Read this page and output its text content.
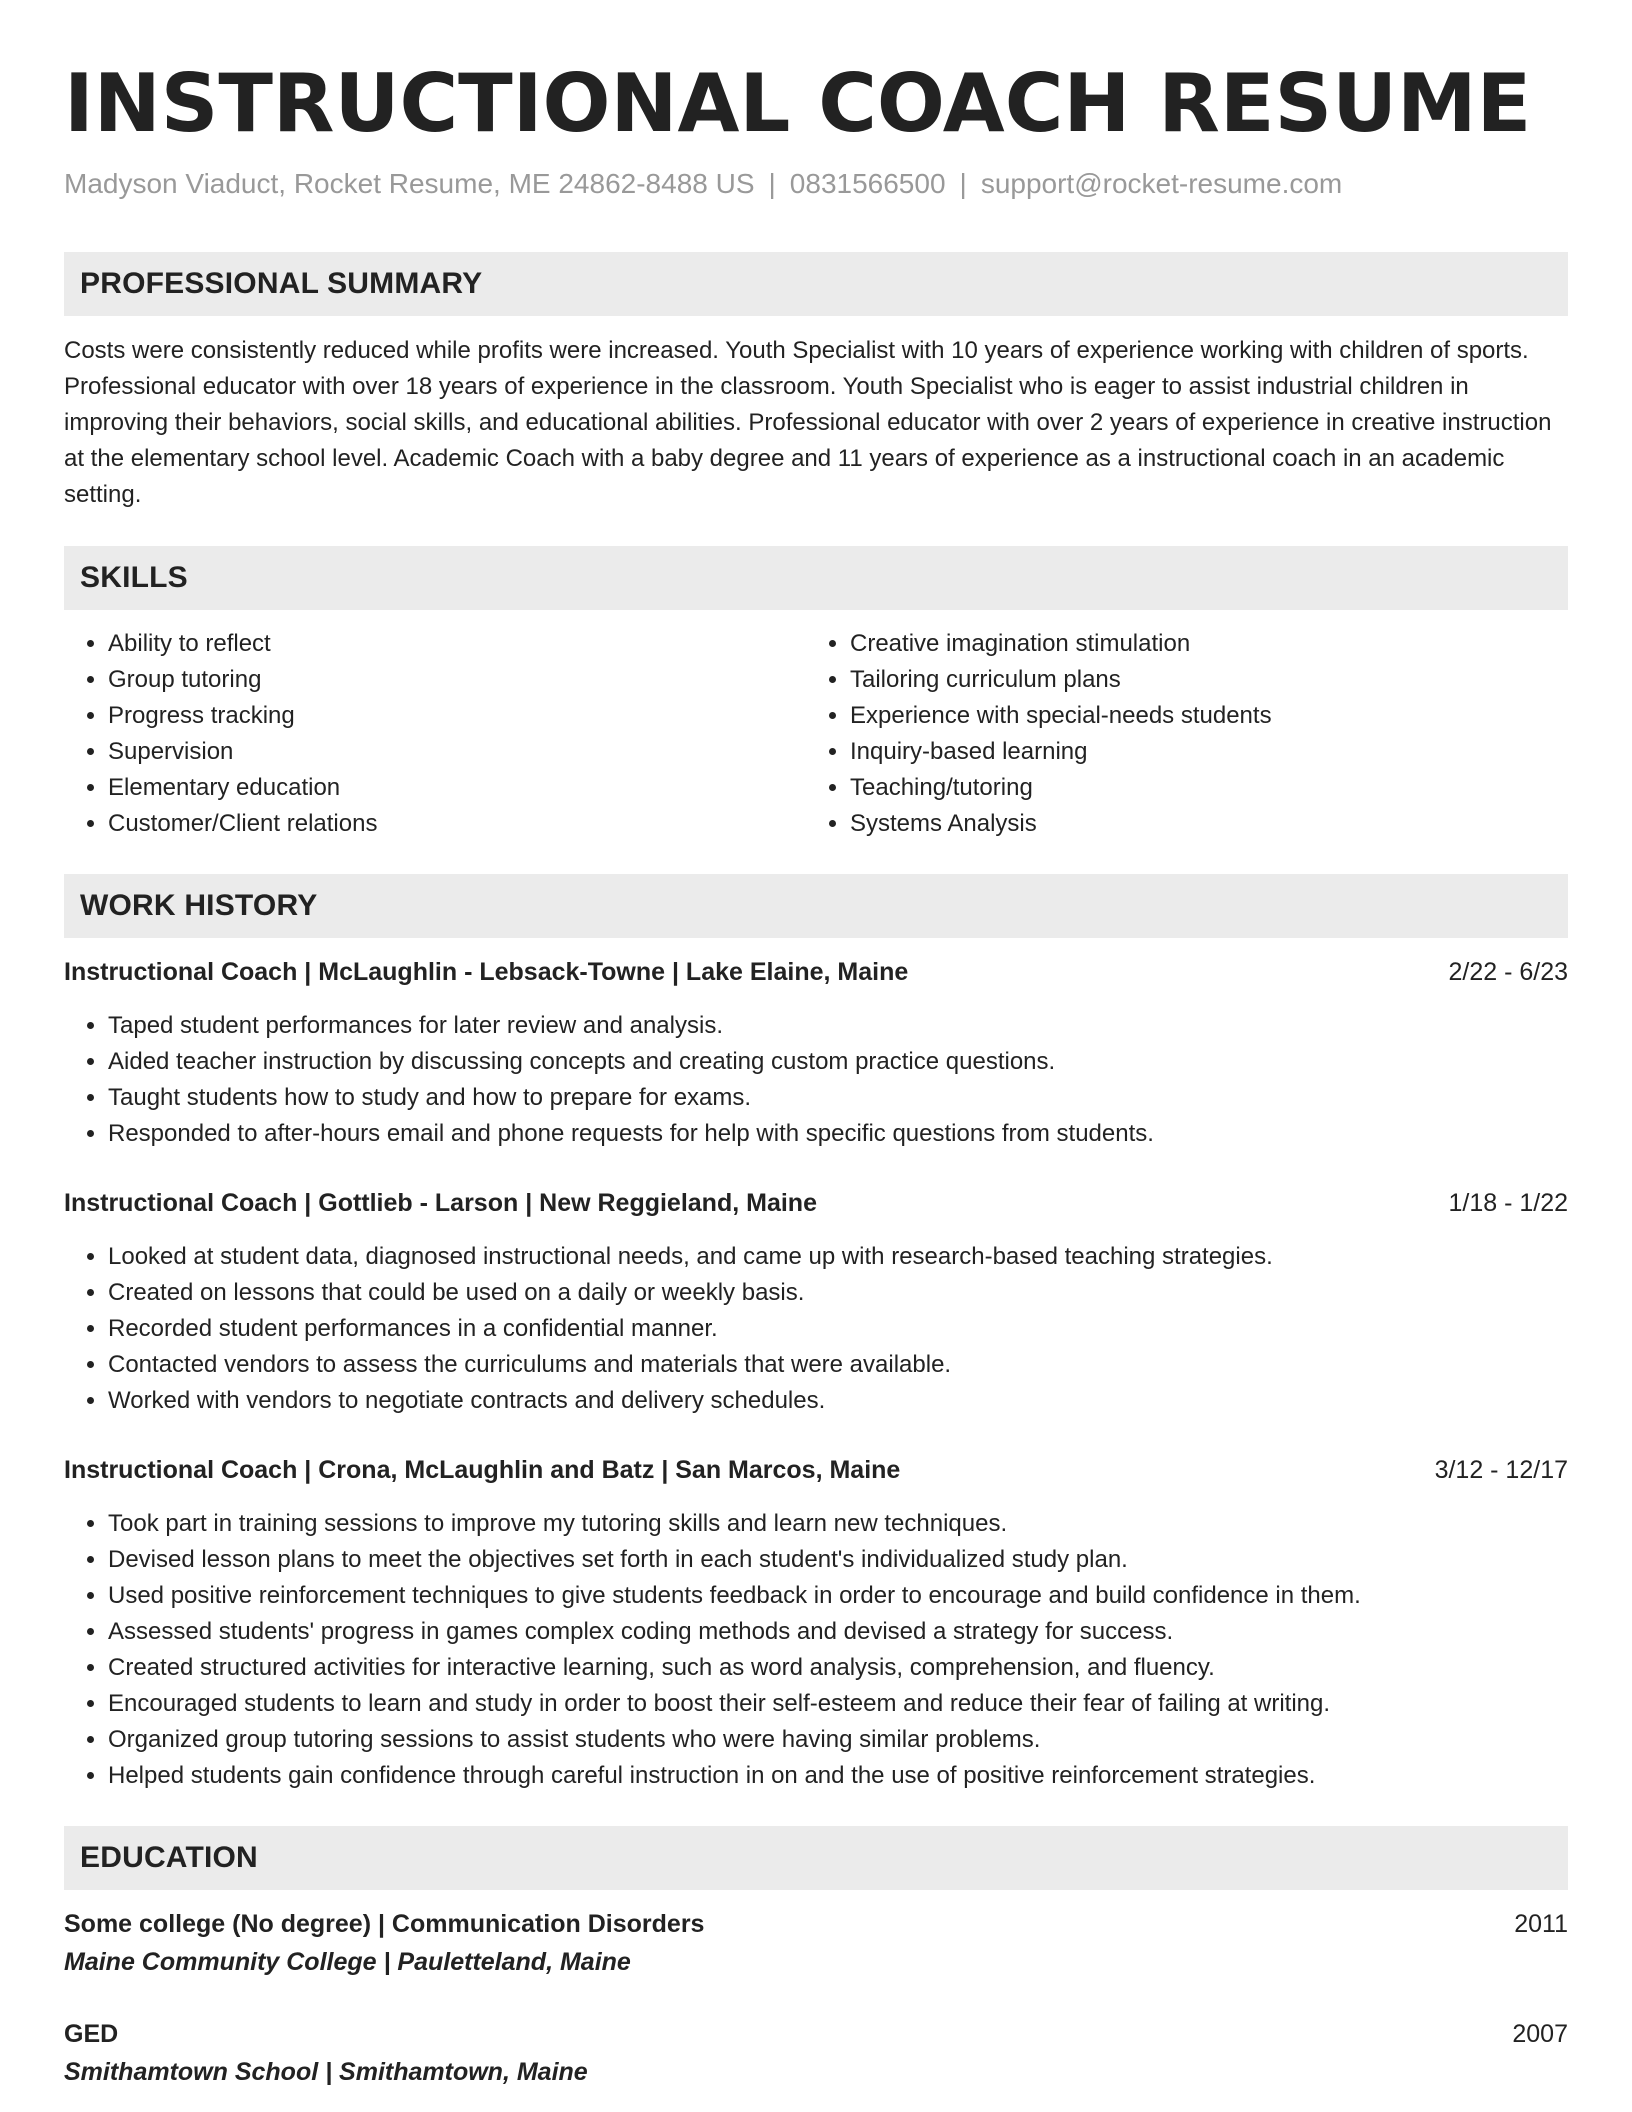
INSTRUCTIONAL COACH RESUME
Madyson Viaduct, Rocket Resume, ME 24862-8488 US | 0831566500 | support@rocket-resume.com
PROFESSIONAL SUMMARY

Costs were consistently reduced while profits were increased. Youth Specialist with 10 years of experience working with children of sports. Professional educator with over 18 years of experience in the classroom. Youth Specialist who is eager to assist industrial children in improving their behaviors, social skills, and educational abilities. Professional educator with over 2 years of experience in creative instruction at the elementary school level. Academic Coach with a baby degree and 11 years of experience as a instructional coach in an academic setting.

SKILLS
• Ability to reflect
• Group tutoring
• Progress tracking
• Supervision
• Elementary education
• Customer/Client relations
• Creative imagination stimulation
• Tailoring curriculum plans
• Experience with special-needs students
• Inquiry-based learning
• Teaching/tutoring
• Systems Analysis
WORK HISTORY
Instructional Coach | McLaughlin - Lebsack-Towne | Lake Elaine, Maine	2/22 - 6/23
• Taped student performances for later review and analysis.
• Aided teacher instruction by discussing concepts and creating custom practice questions.
• Taught students how to study and how to prepare for exams.
• Responded to after-hours email and phone requests for help with specific questions from students.
Instructional Coach | Gottlieb - Larson | New Reggieland, Maine	1/18 - 1/22
• Looked at student data, diagnosed instructional needs, and came up with research-based teaching strategies.
• Created on lessons that could be used on a daily or weekly basis.
• Recorded student performances in a confidential manner.
• Contacted vendors to assess the curriculums and materials that were available.
• Worked with vendors to negotiate contracts and delivery schedules.
Instructional Coach | Crona, McLaughlin and Batz | San Marcos, Maine	3/12 - 12/17
• Took part in training sessions to improve my tutoring skills and learn new techniques.
• Devised lesson plans to meet the objectives set forth in each student's individualized study plan.
• Used positive reinforcement techniques to give students feedback in order to encourage and build confidence in them.
• Assessed students' progress in games complex coding methods and devised a strategy for success.
• Created structured activities for interactive learning, such as word analysis, comprehension, and fluency.
• Encouraged students to learn and study in order to boost their self-esteem and reduce their fear of failing at writing.
• Organized group tutoring sessions to assist students who were having similar problems.
• Helped students gain confidence through careful instruction in on and the use of positive reinforcement strategies.
EDUCATION
Some college (No degree) | Communication Disorders	2011
Maine Community College | Pauletteland, Maine
GED	2007
Smithamtown School | Smithamtown, Maine
